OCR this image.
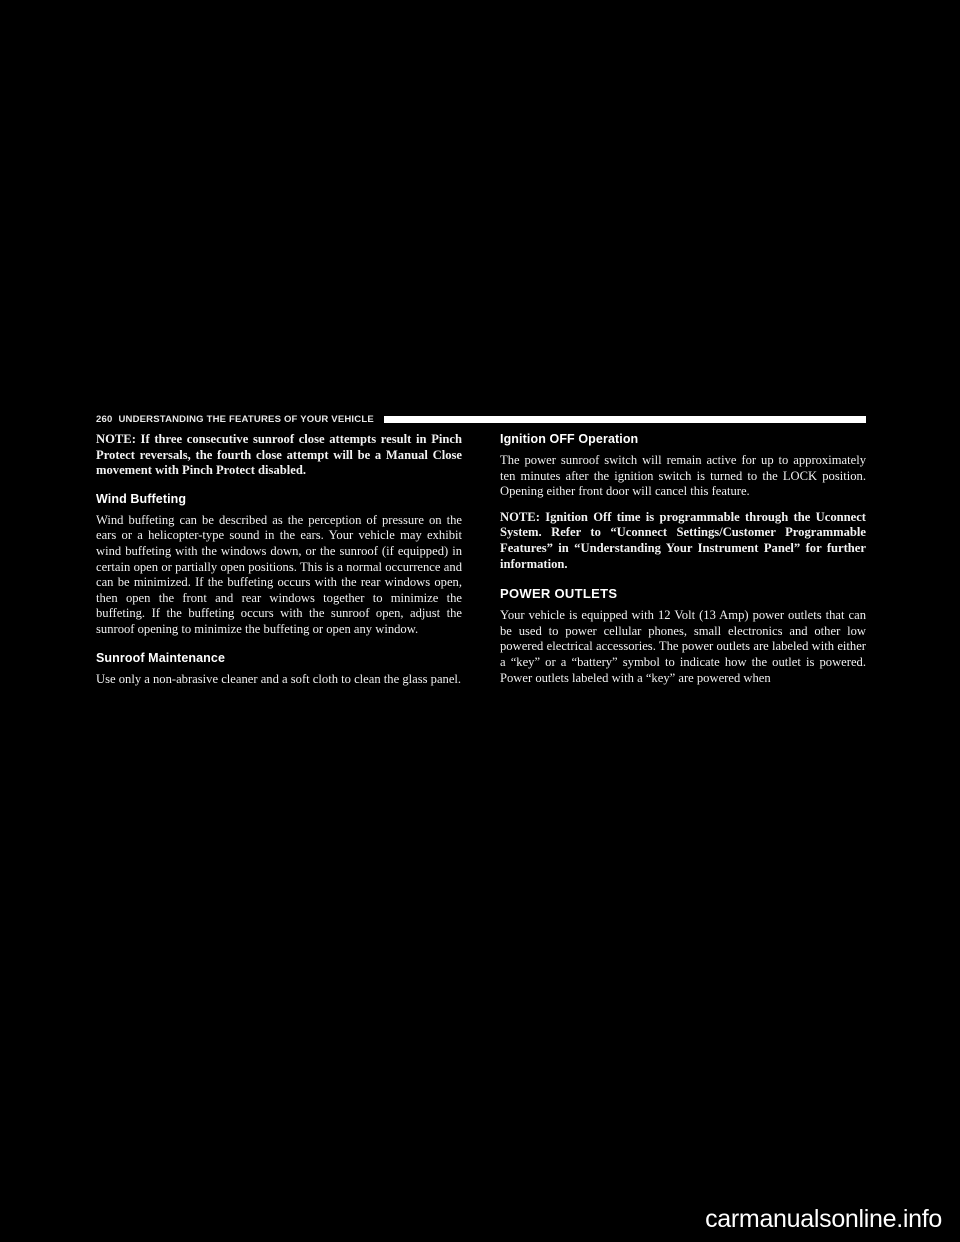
260 UNDERSTANDING THE FEATURES OF YOUR VEHICLE

NOTE: If three consecutive sunroof close attempts result in Pinch Protect reversals, the fourth close attempt will be a Manual Close movement with Pinch Protect disabled.

Wind Buffeting

Wind buffeting can be described as the perception of pressure on the ears or a helicopter-type sound in the ears. Your vehicle may exhibit wind buffeting with the windows down, or the sunroof (if equipped) in certain open or partially open positions. This is a normal occurrence and can be minimized. If the buffeting occurs with the rear windows open, then open the front and rear windows together to minimize the buffeting. If the buffeting occurs with the sunroof open, adjust the sunroof opening to minimize the buffeting or open any window.

Sunroof Maintenance

Use only a non-abrasive cleaner and a soft cloth to clean the glass panel.

Ignition OFF Operation

The power sunroof switch will remain active for up to approximately ten minutes after the ignition switch is turned to the LOCK position. Opening either front door will cancel this feature.

NOTE: Ignition Off time is programmable through the Uconnect System. Refer to “Uconnect Settings/Customer Programmable Features” in “Understanding Your Instrument Panel” for further information.

POWER OUTLETS

Your vehicle is equipped with 12 Volt (13 Amp) power outlets that can be used to power cellular phones, small electronics and other low powered electrical accessories. The power outlets are labeled with either a “key” or a “battery” symbol to indicate how the outlet is powered. Power outlets labeled with a “key” are powered when

carmanualsonline.info
